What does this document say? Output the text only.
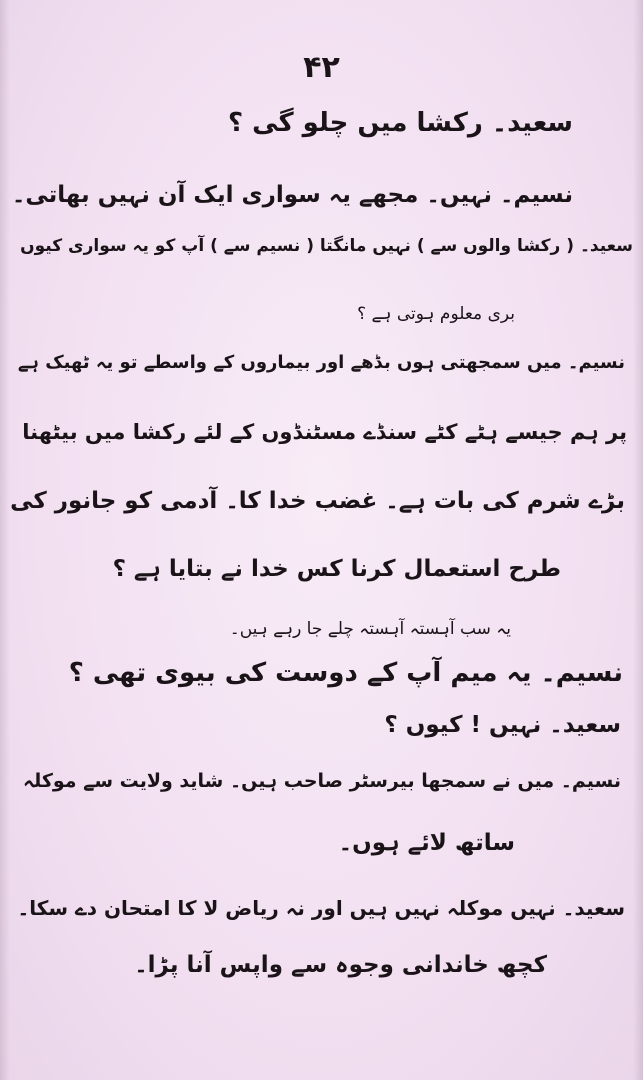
۴۲
سعید۔ رکشا میں چلو گی ؟
نسیم۔ نہیں۔ مجھے یہ سواری ایک آن نہیں بھاتی۔
سعید۔ ( رکشا والوں سے ) نہیں مانگتا ( نسیم سے ) آپ کو یہ سواری کیوں
بری معلوم ہوتی ہے ؟
نسیم۔ میں سمجھتی ہوں بڈھے اور بیماروں کے واسطے تو یہ ٹھیک ہے
پر ہم جیسے ہٹے کٹے سنڈے مسٹنڈوں کے لئے رکشا میں بیٹھنا
بڑے شرم کی بات ہے۔ غضب خدا کا۔ آدمی کو جانور کی
طرح استعمال کرنا کس خدا نے بتایا ہے ؟
یہ سب آہستہ آہستہ چلے جا رہے ہیں۔
نسیم۔ یہ میم آپ کے دوست کی بیوی تھی ؟
سعید۔ نہیں ! کیوں ؟
نسیم۔ میں نے سمجھا بیرسٹر صاحب ہیں۔ شاید ولایت سے موکلہ
ساتھ لائے ہوں۔
سعید۔ نہیں موکلہ نہیں ہیں اور نہ ریاض لا کا امتحان دے سکا۔
کچھ خاندانی وجوہ سے واپس آنا پڑا۔
